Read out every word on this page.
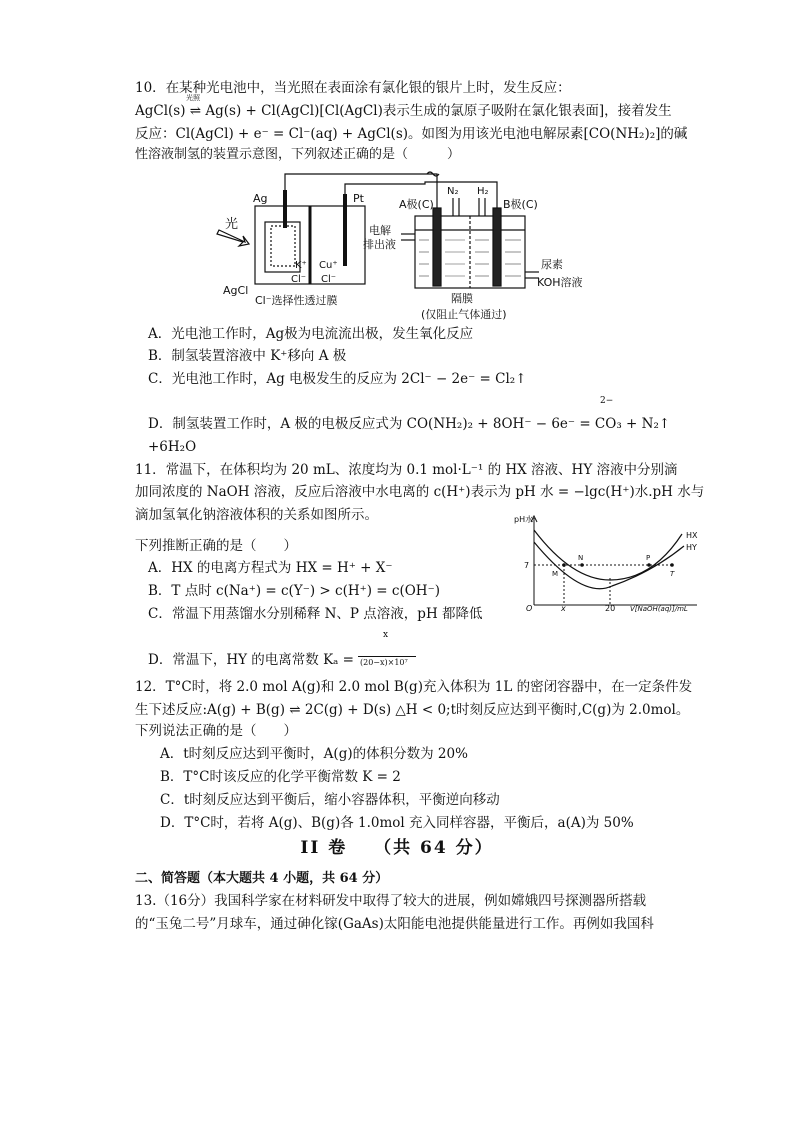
10．在某种光电池中，当光照在表面涂有氯化银的银片上时，发生反应：
AgCl(s) ⇌ Ag(s) + Cl(AgCl)[Cl(AgCl)表示生成的氯原子吸附在氯化银表面]，接着发生
光照
反应：Cl(AgCl) + e⁻ = Cl⁻(aq) + AgCl(s)。如图为用该光电池电解尿素[CO(NH₂)₂]的碱
性溶液制氢的装置示意图，下列叙述正确的是（　　　）
Ag	Pt
光
AgCl
K⁺
Cl⁻
Cu⁺
Cl⁻
Cl⁻选择性透过膜
A极(C)	B极(C)
N₂ H₂
电解
排出液
尿素
KOH溶液
隔膜
(仅阻止气体通过)
A．光电池工作时，Ag极为电流流出极，发生氧化反应
B．制氢装置溶液中 K⁺移向 A 极
C．光电池工作时，Ag 电极发生的反应为 2Cl⁻ − 2e⁻ = Cl₂↑
2−
D．制氢装置工作时，A 极的电极反应式为 CO(NH₂)₂ + 8OH⁻ − 6e⁻ = CO₃ + N₂↑
+6H₂O
11．常温下，在体积均为 20 mL、浓度均为 0.1 mol·L⁻¹ 的 HX 溶液、HY 溶液中分别滴
加同浓度的 NaOH 溶液，反应后溶液中水电离的 c(H⁺)表示为 pH 水 = −lgc(H⁺)水.pH 水与
滴加氢氧化钠溶液体积的关系如图所示。
下列推断正确的是（　　）
A．HX 的电离方程式为 HX = H⁺ + X⁻
B．T 点时 c(Na⁺) = c(Y⁻) > c(H⁺) = c(OH⁻)
C．常温下用蒸馏水分别稀释 N、P 点溶液，pH 都降低
x
D．常温下，HY 的电离常数 Kₐ = (20−x)×10⁷
pH水
7
O	x	20 V[NaOH(aq)]/mL
HX
HY
N
M
P
T
12．T°C时，将 2.0 mol A(g)和 2.0 mol B(g)充入体积为 1L 的密闭容器中，在一定条件发
生下述反应:A(g) + B(g) ⇌ 2C(g) + D(s) △H < 0;t时刻反应达到平衡时,C(g)为 2.0mol。
下列说法正确的是（　　）
A．t时刻反应达到平衡时，A(g)的体积分数为 20%
B．T°C时该反应的化学平衡常数 K = 2
C．t时刻反应达到平衡后，缩小容器体积，平衡逆向移动
D．T°C时，若将 A(g)、B(g)各 1.0mol 充入同样容器，平衡后，a(A)为 50%
II 卷　 （共 64 分）
二、简答题（本大题共 4 小题，共 64 分）
13.（16分）我国科学家在材料研发中取得了较大的进展，例如嫦娥四号探测器所搭载
的“玉兔二号”月球车，通过砷化镓(GaAs)太阳能电池提供能量进行工作。再例如我国科
